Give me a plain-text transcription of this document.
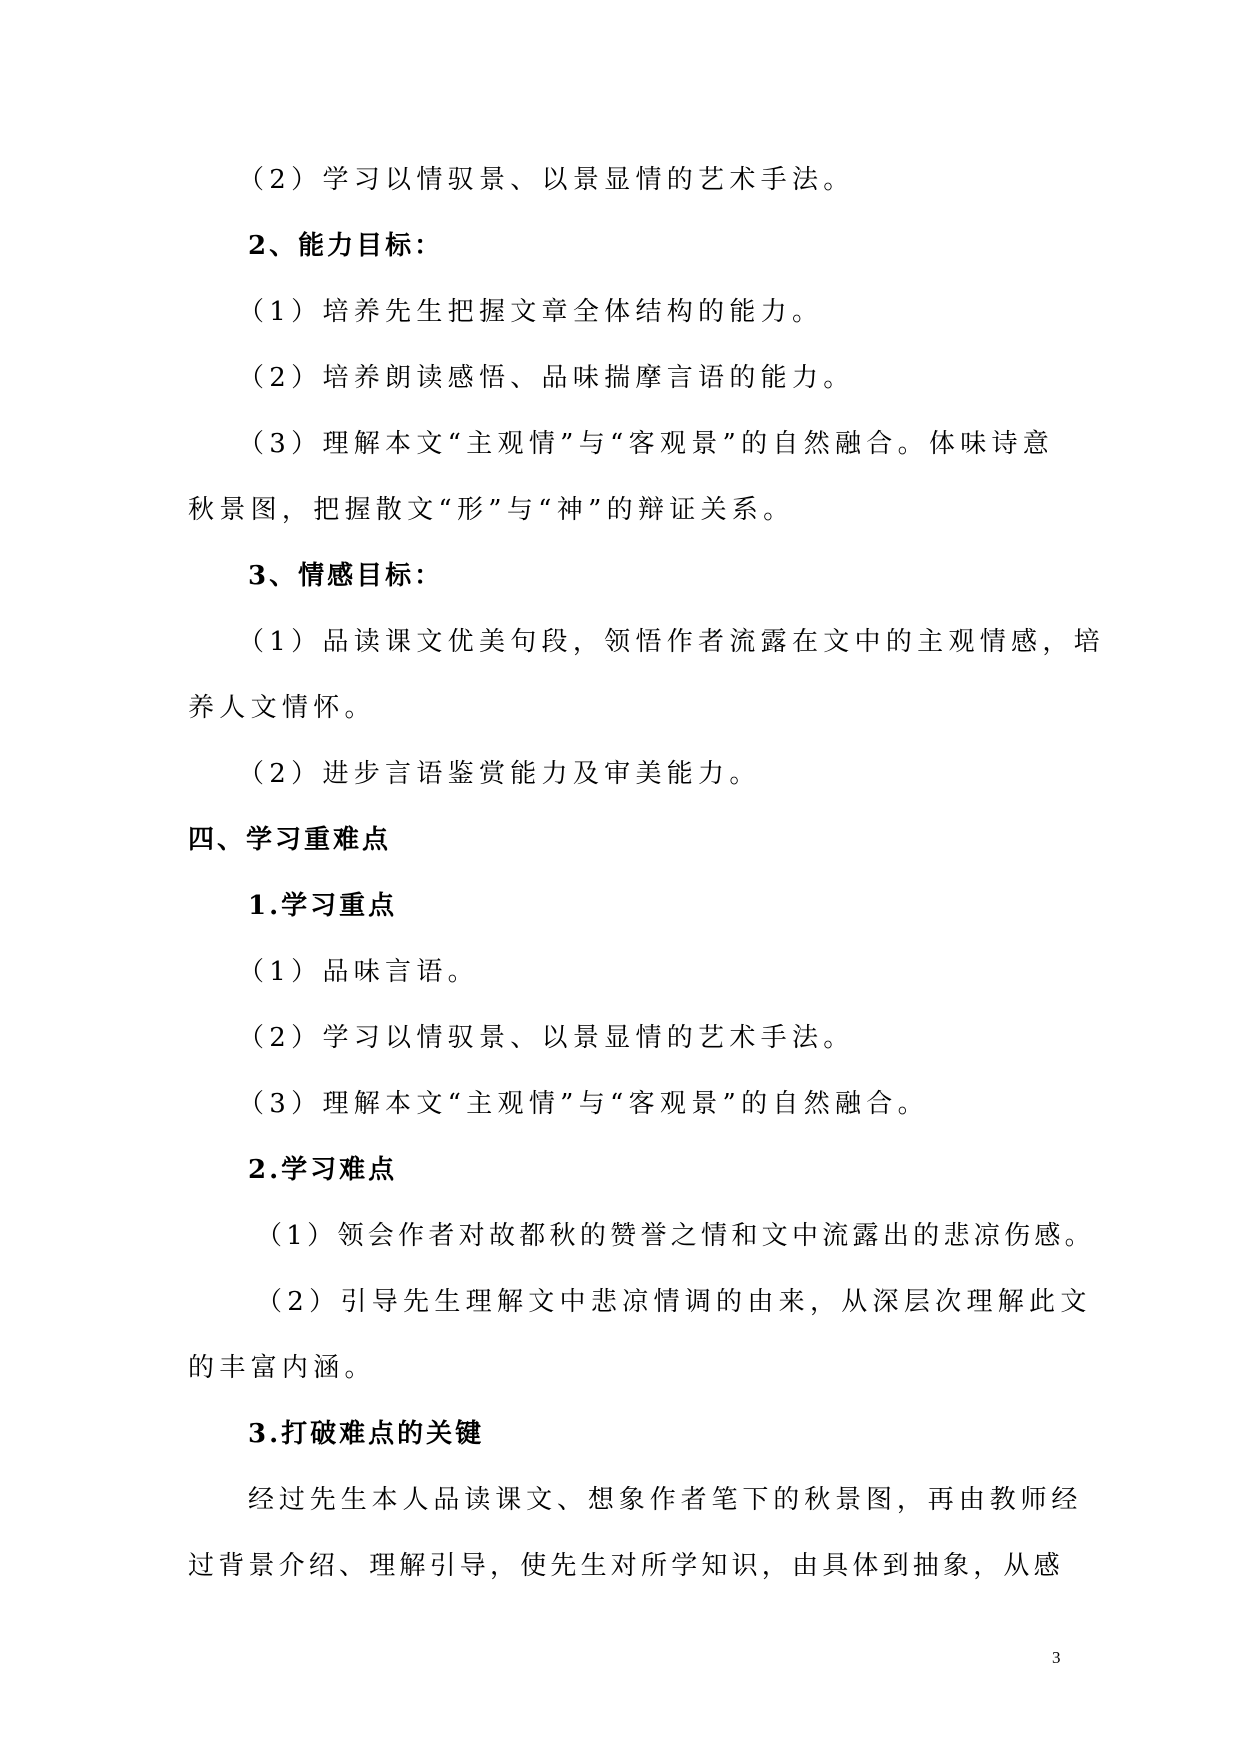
（2）学习以情驭景、以景显情的艺术手法。

2、能力目标：

（1）培养先生把握文章全体结构的能力。

（2）培养朗读感悟、品味揣摩言语的能力。

（3）理解本文“主观情”与“客观景”的自然融合。体味诗意

秋景图，把握散文“形”与“神”的辩证关系。

3、情感目标：

（1）品读课文优美句段，领悟作者流露在文中的主观情感，培

养人文情怀。

（2）进步言语鉴赏能力及审美能力。

四、学习重难点

1.学习重点

（1）品味言语。

（2）学习以情驭景、以景显情的艺术手法。

（3）理解本文“主观情”与“客观景”的自然融合。

2.学习难点

（1）领会作者对故都秋的赞誉之情和文中流露出的悲凉伤感。

（2）引导先生理解文中悲凉情调的由来，从深层次理解此文

的丰富内涵。

3.打破难点的关键

经过先生本人品读课文、想象作者笔下的秋景图，再由教师经

过背景介绍、理解引导，使先生对所学知识，由具体到抽象，从感

3
